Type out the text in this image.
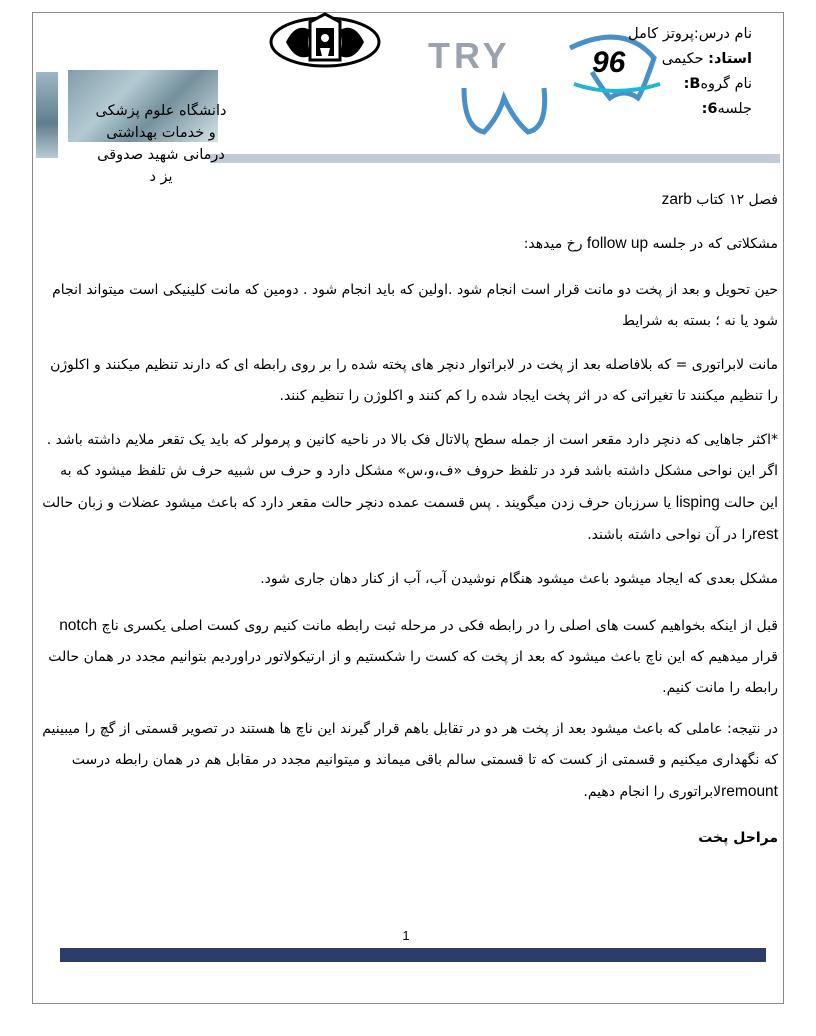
MM
TRY	96
دانشگاه علوم پزشکی
و خدمات بهداشتی
درمانی شهید صدوقی
یز د
نام درس:پروتز کامل
استاد: حکیمی
نام گروهB:
جلسه6:
فصل ۱۲ کتاب zarb
مشکلاتی که در جلسه follow up رخ میدهد:
حین تحویل و بعد از پخت دو مانت قرار است انجام شود .اولین که باید انجام شود . دومین که مانت کلینیکی است میتواند انجام شود یا نه ؛ بسته به شرایط
مانت لابراتوری = که بلافاصله بعد از پخت در لابراتوار دنچر های پخته شده را بر روی رابطه ای که دارند تنظیم میکنند و اکلوژن را تنظیم میکنند تا تغیراتی که در اثر پخت ایجاد شده را کم کنند و اکلوژن را تنظیم کنند.
*اکثر جاهایی که دنچر دارد مقعر است از جمله سطح پالاتال فک بالا در ناحیه کانین و پرمولر که باید یک تقعر ملایم داشته باشد . اگر این نواحی مشکل داشته باشد فرد در تلفظ حروف «ف،و،س» مشکل دارد و حرف س شبیه حرف ش تلفظ میشود که به این حالت lisping یا سرزبان حرف زدن میگویند . پس قسمت عمده دنچر حالت مقعر دارد که باعث میشود عضلات و زبان حالت restرا در آن نواحی داشته باشند.
مشکل بعدی که ایجاد میشود باعث میشود هنگام نوشیدن آب، آب از کنار دهان جاری شود.
قبل از اینکه بخواهیم کست های اصلی را در رابطه فکی در مرحله ثبت رابطه مانت کنیم روی کست اصلی یکسری ناچ notch قرار میدهیم که این ناچ باعث میشود که بعد از پخت که کست را شکستیم و از ارتیکولاتور دراوردیم بتوانیم مجدد در همان حالت رابطه را مانت کنیم.
در نتیجه: عاملی که باعث میشود بعد از پخت هر دو در تقابل باهم قرار گیرند این ناچ ها هستند در تصویر قسمتی از گچ را میبینیم که نگهداری میکنیم و قسمتی از کست که تا قسمتی سالم باقی میماند و میتوانیم مجدد در مقابل هم در همان رابطه درست remountلابراتوری را انجام دهیم.
مراحل پخت
1
